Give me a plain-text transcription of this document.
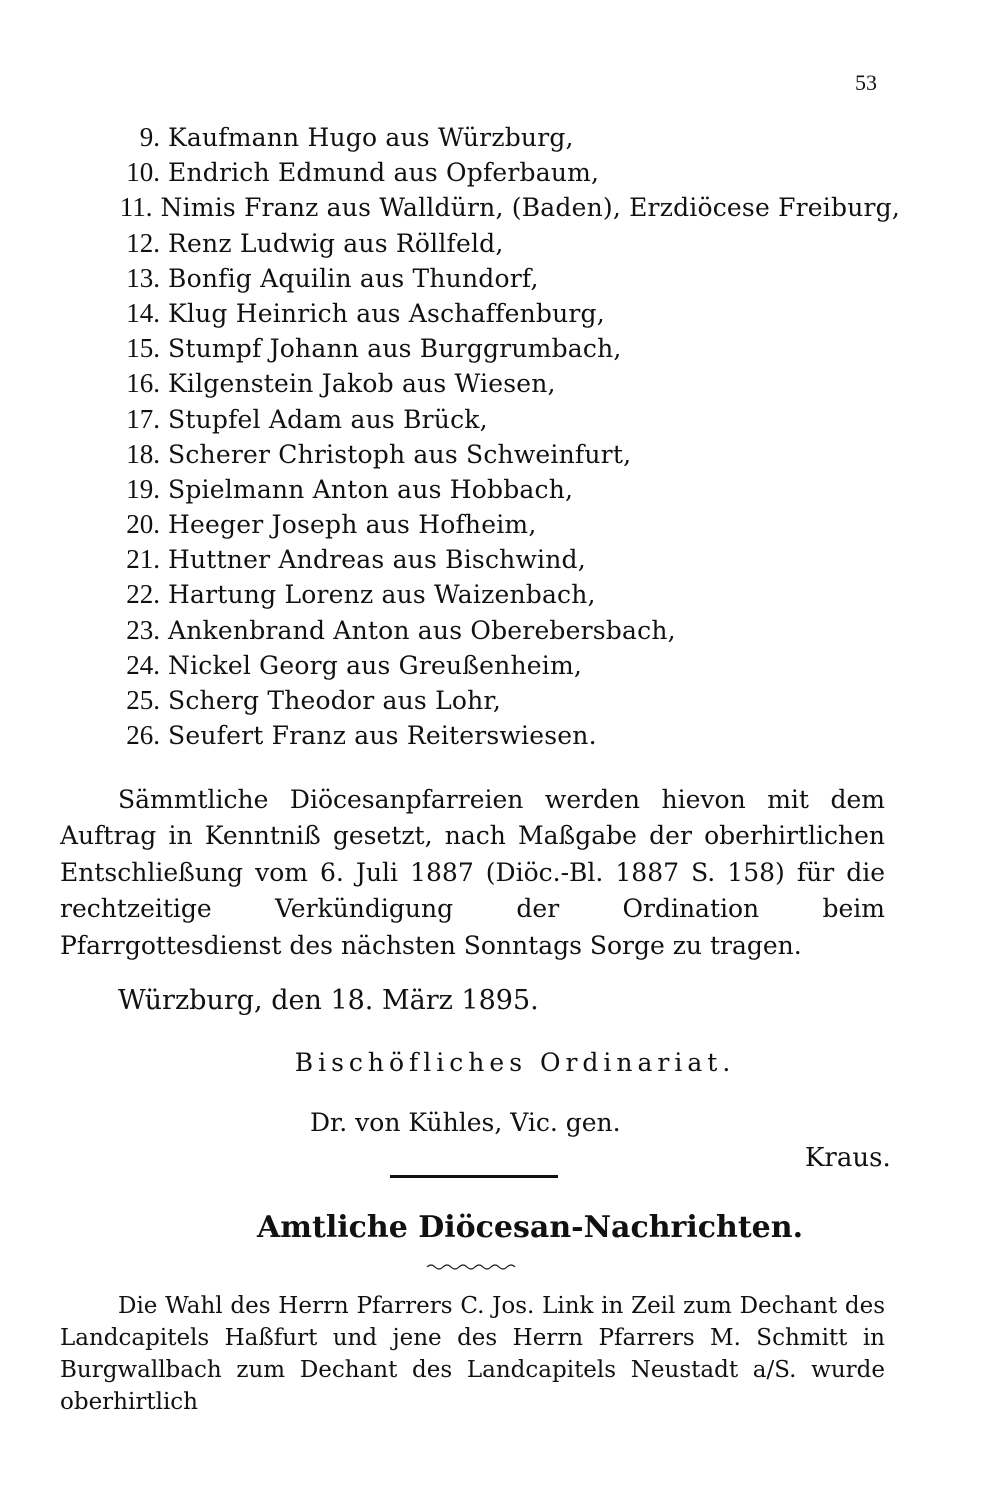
53
9. Kaufmann Hugo aus Würzburg,
10. Endrich Edmund aus Opferbaum,
11. Nimis Franz aus Walldürn, (Baden), Erzdiöcese Freiburg,
12. Renz Ludwig aus Röllfeld,
13. Bonfig Aquilin aus Thundorf,
14. Klug Heinrich aus Aschaffenburg,
15. Stumpf Johann aus Burggrumbach,
16. Kilgenstein Jakob aus Wiesen,
17. Stupfel Adam aus Brück,
18. Scherer Christoph aus Schweinfurt,
19. Spielmann Anton aus Hobbach,
20. Heeger Joseph aus Hofheim,
21. Huttner Andreas aus Bischwind,
22. Hartung Lorenz aus Waizenbach,
23. Ankenbrand Anton aus Oberebersbach,
24. Nickel Georg aus Greußenheim,
25. Scherg Theodor aus Lohr,
26. Seufert Franz aus Reiterswiesen.
Sämmtliche Diöcesanpfarreien werden hievon mit dem Auftrag in Kenntniß gesetzt, nach Maßgabe der oberhirtlichen Entschließung vom 6. Juli 1887 (Diöc.-Bl. 1887 S. 158) für die rechtzeitige Verkündigung der Ordination beim Pfarrgottesdienst des nächsten Sonntags Sorge zu tragen.
Würzburg, den 18. März 1895.
Bischöfliches Ordinariat.
Dr. von Kühles, Vic. gen.
Kraus.
Amtliche Diöcesan-Nachrichten.
Die Wahl des Herrn Pfarrers C. Jos. Link in Zeil zum Dechant des Landcapitels Haßfurt und jene des Herrn Pfarrers M. Schmitt in Burgwallbach zum Dechant des Landcapitels Neustadt a/S. wurde oberhirtlich
